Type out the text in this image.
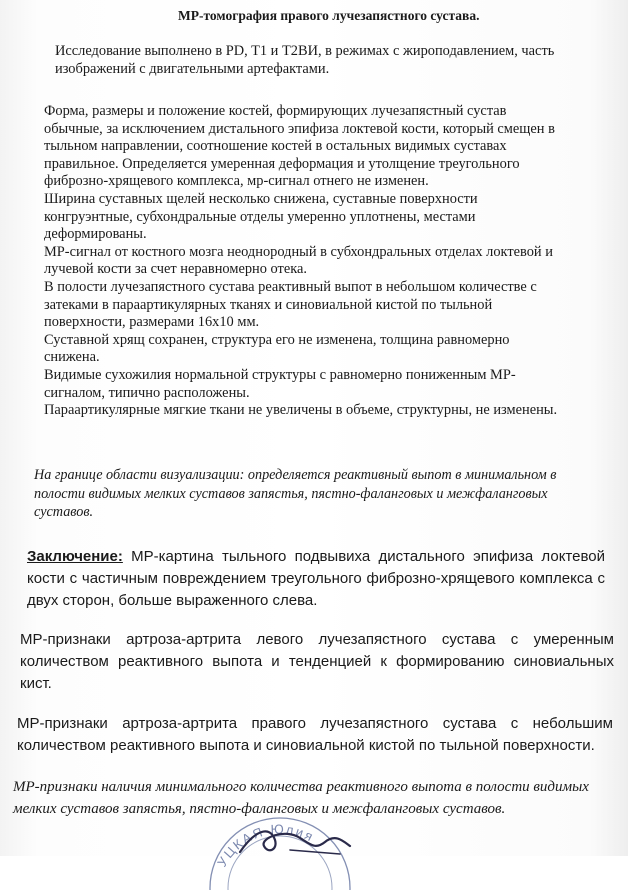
МР-томография правого лучезапястного сустава.

Исследование выполнено в PD, T1 и T2ВИ, в режимах с жироподавлением, часть изображений с двигательными артефактами.

Форма, размеры и положение костей, формирующих лучезапястный сустав
обычные, за исключением дистального эпифиза локтевой кости, который смещен в
тыльном направлении, соотношение костей в остальных видимых суставах
правильное. Определяется умеренная деформация и утолщение треугольного
фиброзно-хрящевого комплекса, мр-сигнал отнего не изменен.
Ширина суставных щелей несколько снижена, суставные поверхности
конгруэнтные, субхондральные отделы умеренно уплотнены, местами
деформированы.
МР-сигнал от костного мозга неоднородный в субхондральных отделах локтевой и
лучевой кости за счет неравномерно отека.
В полости лучезапястного сустава реактивный выпот в небольшом количестве с
затеками в параартикулярных тканях и синовиальной кистой по тыльной
поверхности, размерами 16х10 мм.
Суставной хрящ сохранен, структура его не изменена, толщина равномерно
снижена.
Видимые сухожилия нормальной структуры с равномерно пониженным МР-
сигналом, типично расположены.
Параартикулярные мягкие ткани не увеличены в объеме, структурны, не изменены.

На границе области визуализации: определяется реактивный выпот в минимальном в полости видимых мелких суставов запястья, пястно-фаланговых и межфаланговых суставов.

Заключение: МР-картина тыльного подвывиха дистального эпифиза локтевой кости с частичным повреждением треугольного фиброзно-хрящевого комплекса с двух сторон, больше выраженного слева.

МР-признаки артроза-артрита левого лучезапястного сустава с умеренным количеством реактивного выпота и тенденцией к формированию синовиальных кист.

МР-признаки артроза-артрита правого лучезапястного сустава с небольшим количеством реактивного выпота и синовиальной кистой по тыльной поверхности.

МР-признаки наличия минимального количества реактивного выпота в полости видимых мелких суставов запястья, пястно-фаланговых и межфаланговых суставов.

УЦКАЯ Юлия
